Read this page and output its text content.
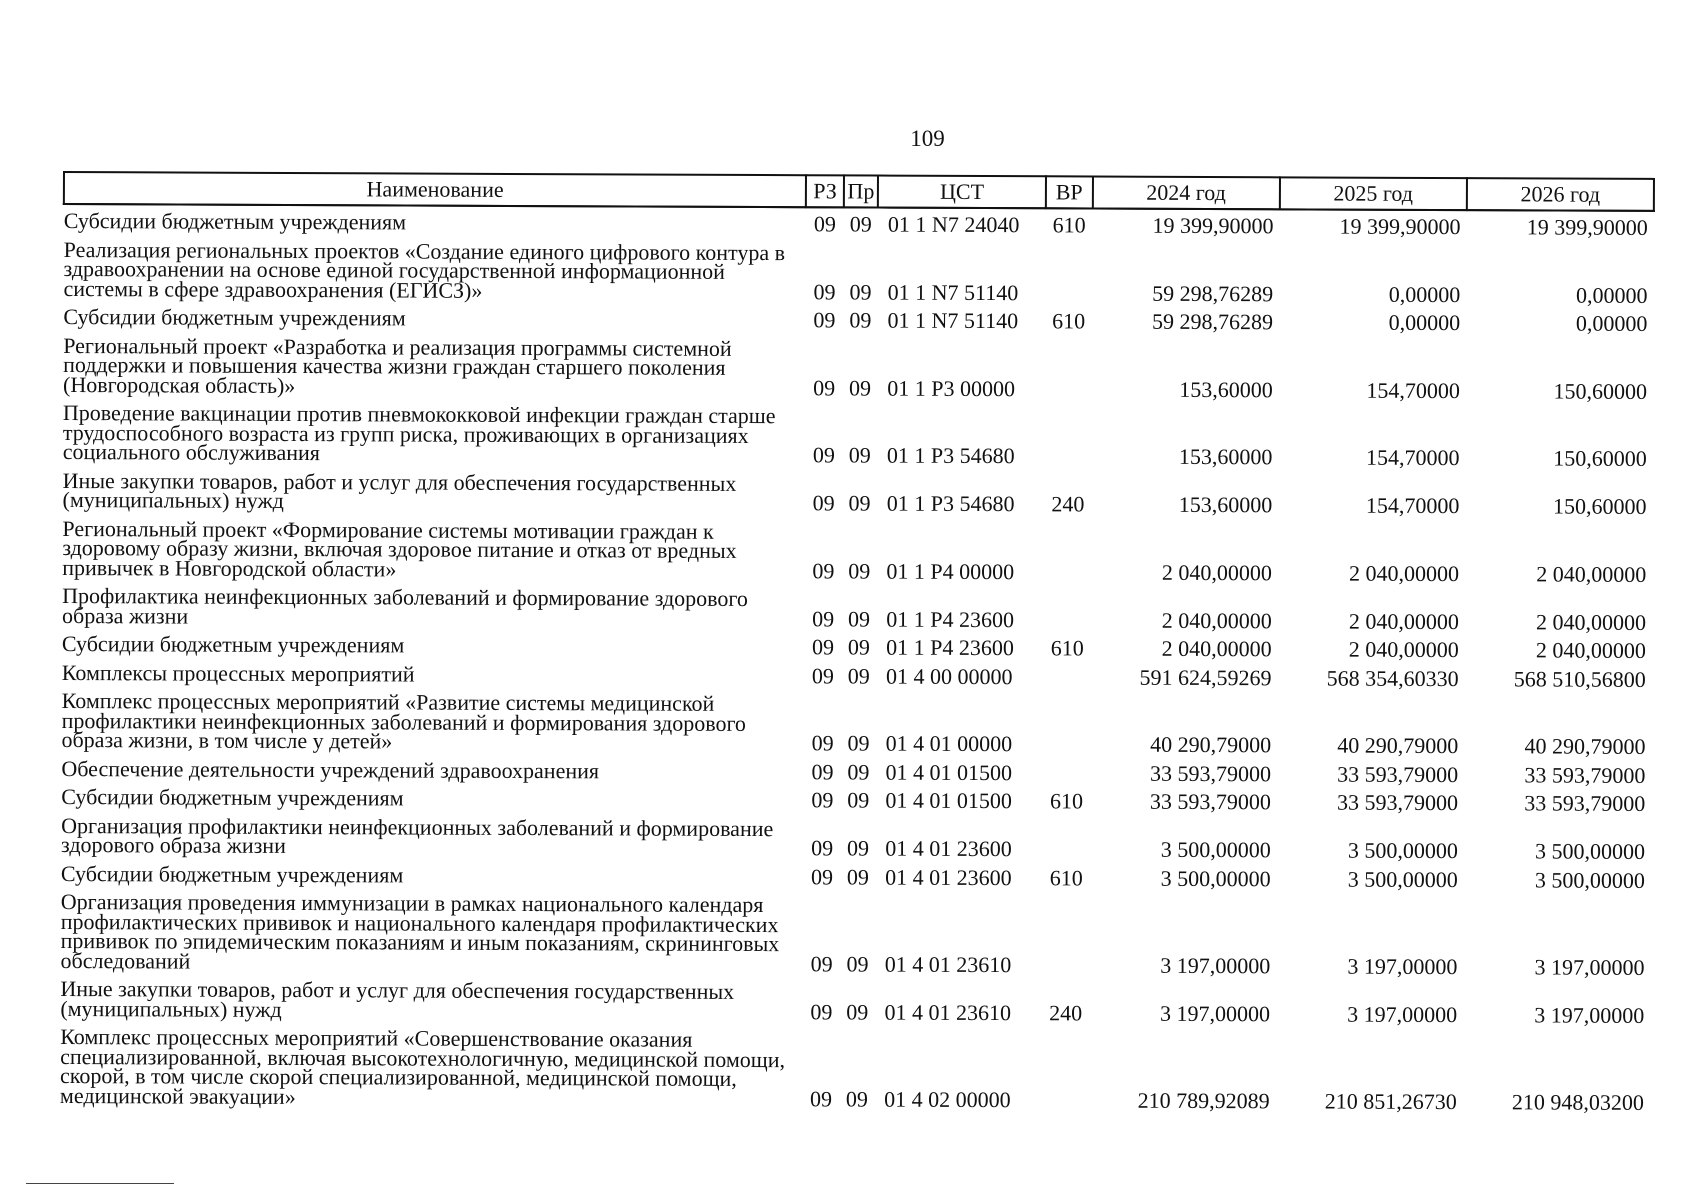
109
Наименование	РЗ	Пр	ЦСТ	ВР	2024 год	2025 год	2026 год

Субсидии бюджетным учреждениям	09	09	01 1 N7 24040	610	19 399,90000	19 399,90000	19 399,90000

Реализация региональных проектов «Создание единого цифрового контура в здравоохранении на основе единой государственной информационной системы в сфере здравоохранения (ЕГИСЗ)»	09	09	01 1 N7 51140		59 298,76289	0,00000	0,00000

Субсидии бюджетным учреждениям	09	09	01 1 N7 51140	610	59 298,76289	0,00000	0,00000

Региональный проект «Разработка и реализация программы системной поддержки и повышения качества жизни граждан старшего поколения (Новгородская область)»	09	09	01 1 P3 00000		153,60000	154,70000	150,60000

Проведение вакцинации против пневмококковой инфекции граждан старше трудоспособного возраста из групп риска, проживающих в организациях социального обслуживания	09	09	01 1 P3 54680		153,60000	154,70000	150,60000

Иные закупки товаров, работ и услуг для обеспечения государственных (муниципальных) нужд	09	09	01 1 P3 54680	240	153,60000	154,70000	150,60000

Региональный проект «Формирование системы мотивации граждан к здоровому образу жизни, включая здоровое питание и отказ от вредных привычек в Новгородской области»	09	09	01 1 P4 00000		2 040,00000	2 040,00000	2 040,00000

Профилактика неинфекционных заболеваний и формирование здорового образа жизни	09	09	01 1 P4 23600		2 040,00000	2 040,00000	2 040,00000

Субсидии бюджетным учреждениям	09	09	01 1 P4 23600	610	2 040,00000	2 040,00000	2 040,00000

Комплексы процессных мероприятий	09	09	01 4 00 00000		591 624,59269	568 354,60330	568 510,56800

Комплекс процессных мероприятий «Развитие системы медицинской профилактики неинфекционных заболеваний и формирования здорового образа жизни, в том числе у детей»	09	09	01 4 01 00000		40 290,79000	40 290,79000	40 290,79000

Обеспечение деятельности учреждений здравоохранения	09	09	01 4 01 01500		33 593,79000	33 593,79000	33 593,79000

Субсидии бюджетным учреждениям	09	09	01 4 01 01500	610	33 593,79000	33 593,79000	33 593,79000

Организация профилактики неинфекционных заболеваний и формирование здорового образа жизни	09	09	01 4 01 23600		3 500,00000	3 500,00000	3 500,00000

Субсидии бюджетным учреждениям	09	09	01 4 01 23600	610	3 500,00000	3 500,00000	3 500,00000

Организация проведения иммунизации в рамках национального календаря профилактических прививок и национального календаря профилактических прививок по эпидемическим показаниям и иным показаниям, скрининговых обследований	09	09	01 4 01 23610		3 197,00000	3 197,00000	3 197,00000

Иные закупки товаров, работ и услуг для обеспечения государственных (муниципальных) нужд	09	09	01 4 01 23610	240	3 197,00000	3 197,00000	3 197,00000

Комплекс процессных мероприятий «Совершенствование оказания специализированной, включая высокотехнологичную, медицинской помощи, скорой, в том числе скорой специализированной, медицинской помощи, медицинской эвакуации»	09	09	01 4 02 00000		210 789,92089	210 851,26730	210 948,03200
